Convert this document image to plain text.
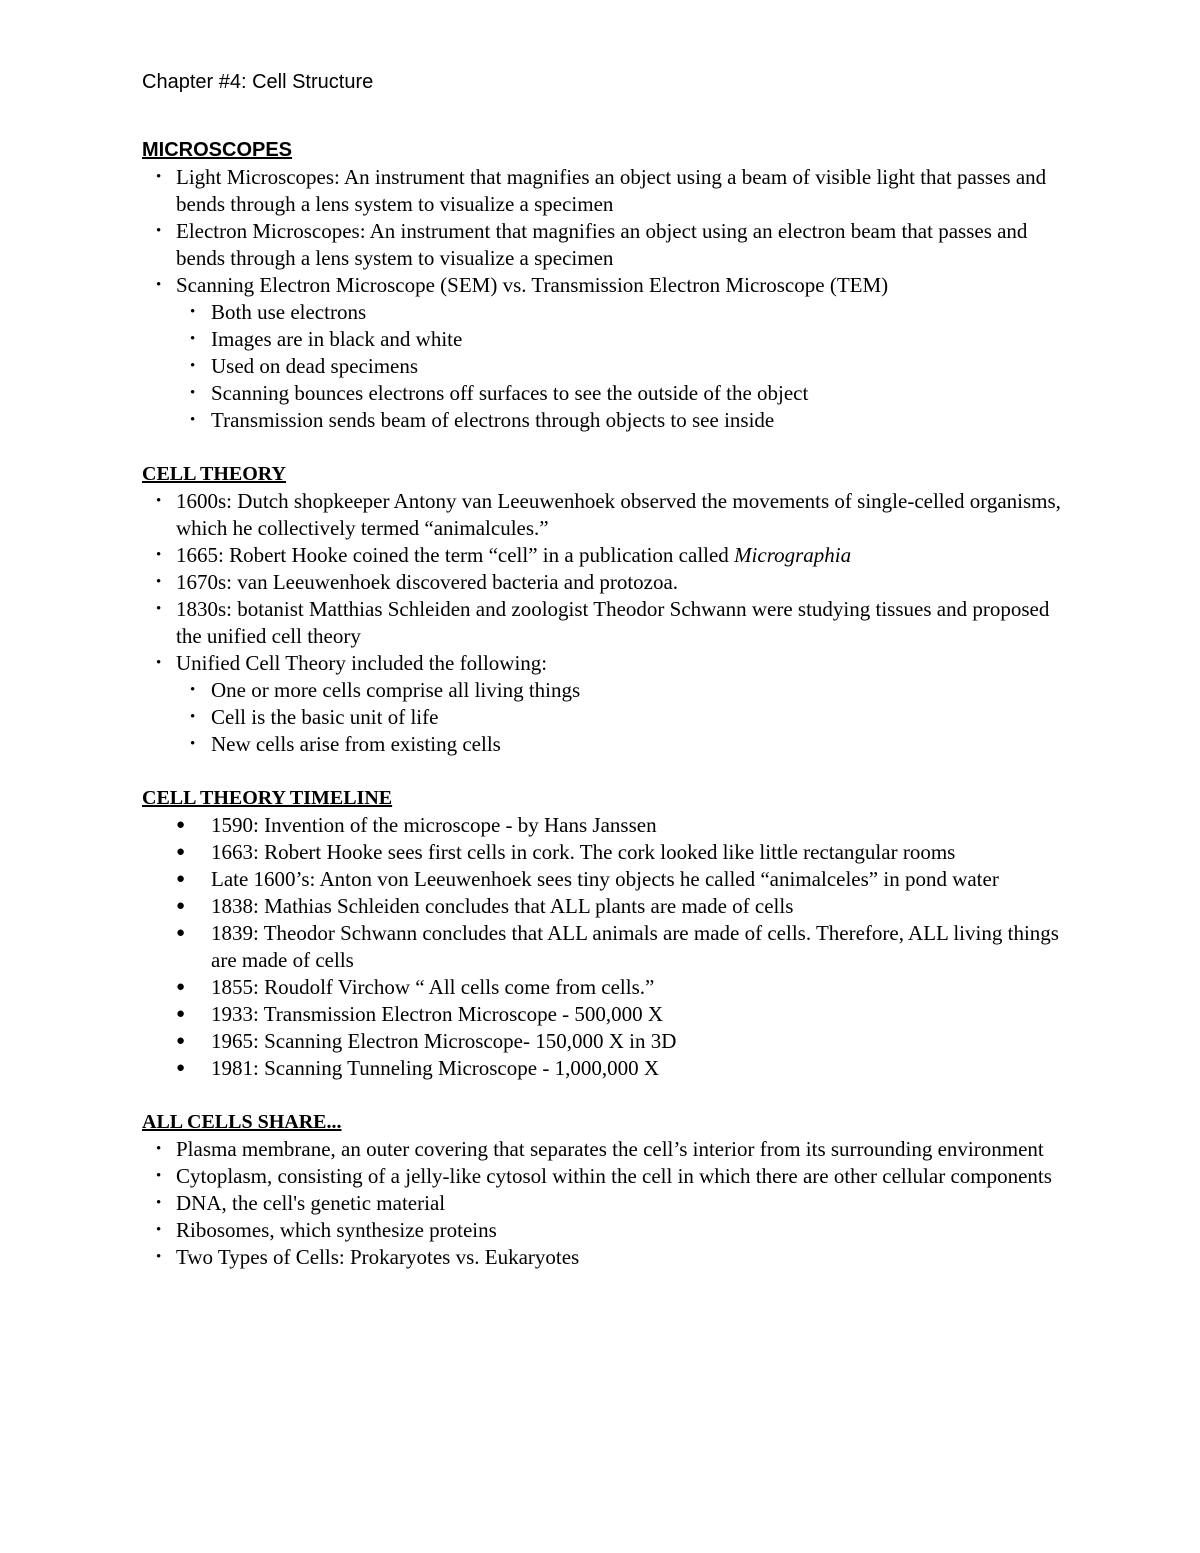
Chapter #4: Cell Structure
MICROSCOPES
• Light Microscopes: An instrument that magnifies an object using a beam of visible light that passes and bends through a lens system to visualize a specimen
• Electron Microscopes: An instrument that magnifies an object using an electron beam that passes and bends through a lens system to visualize a specimen
• Scanning Electron Microscope (SEM) vs. Transmission Electron Microscope (TEM)
• Both use electrons
• Images are in black and white
• Used on dead specimens
• Scanning bounces electrons off surfaces to see the outside of the object
• Transmission sends beam of electrons through objects to see inside
CELL THEORY
• 1600s: Dutch shopkeeper Antony van Leeuwenhoek observed the movements of single-celled organisms, which he collectively termed “animalcules.”
• 1665: Robert Hooke coined the term “cell” in a publication called Micrographia
• 1670s: van Leeuwenhoek discovered bacteria and protozoa.
• 1830s: botanist Matthias Schleiden and zoologist Theodor Schwann were studying tissues and proposed the unified cell theory
• Unified Cell Theory included the following:
• One or more cells comprise all living things
• Cell is the basic unit of life
• New cells arise from existing cells
CELL THEORY TIMELINE
● 1590: Invention of the microscope - by Hans Janssen
● 1663: Robert Hooke sees first cells in cork. The cork looked like little rectangular rooms
● Late 1600’s: Anton von Leeuwenhoek sees tiny objects he called “animalceles” in pond water
● 1838: Mathias Schleiden concludes that ALL plants are made of cells
● 1839: Theodor Schwann concludes that ALL animals are made of cells. Therefore, ALL living things are made of cells
● 1855: Roudolf Virchow “ All cells come from cells.”
● 1933: Transmission Electron Microscope - 500,000 X
● 1965: Scanning Electron Microscope- 150,000 X in 3D
● 1981: Scanning Tunneling Microscope - 1,000,000 X
ALL CELLS SHARE...
• Plasma membrane, an outer covering that separates the cell’s interior from its surrounding environment
• Cytoplasm, consisting of a jelly-like cytosol within the cell in which there are other cellular components
• DNA, the cell's genetic material
• Ribosomes, which synthesize proteins
• Two Types of Cells: Prokaryotes vs. Eukaryotes
